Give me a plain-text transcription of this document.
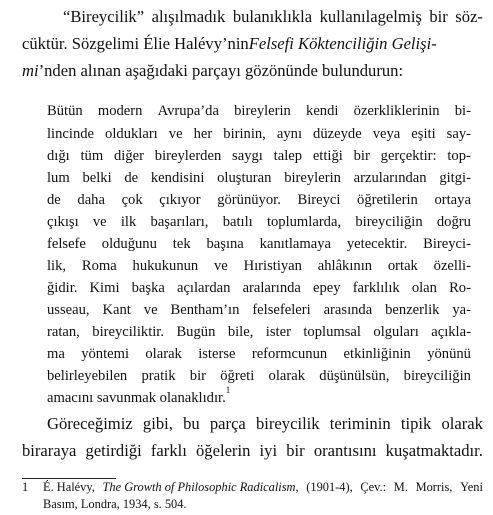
“Bireycilik” alışılmadık bulanıklıkla kullanılagelmiş bir söz-
cüktür. Sözgelimi Élie Halévy’nin Felsefi Köktenciliğin Gelişi-
mi ’nden alınan aşağıdaki parçayı gözönünde bulundurun:
Bütün modern Avrupa’da bireylerin kendi özerkliklerinin bi-
lincinde oldukları ve her birinin, aynı düzeyde veya eşiti say-
dığı tüm diğer bireylerden saygı talep ettiği bir gerçektir: top-
lum belki de kendisini oluşturan bireylerin arzularından gitgi-
de daha çok çıkıyor görünüyor. Bireyci öğretilerin ortaya
çıkışı ve ilk başarıları, batılı toplumlarda, bireyciliğin doğru
felsefe olduğunu tek başına kanıtlamaya yetecektir. Bireyci-
lik, Roma hukukunun ve Hıristiyan ahlâkının ortak özelli-
ğidir. Kimi başka açılardan aralarında epey farklılık olan Ro-
usseau, Kant ve Bentham’ın felsefeleri arasında benzerlik ya-
ratan, bireyciliktir. Bugün bile, ister toplumsal olguları açıkla-
ma yöntemi olarak isterse reformcunun etkinliğinin yönünü
belirleyebilen pratik bir öğreti olarak düşünülsün, bireyciliğin
amacını savunmak olanaklıdır. 1
Göreceğimiz gibi, bu parça bireycilik teriminin tipik olarak
biraraya getirdiği farklı öğelerin iyi bir orantısını kuşatmaktadır.
1 É. Halévy, The Growth of Philosophic Radicalism, (1901-4), Çev.: M. Morris, Yeni
Basım, Londra, 1934, s. 504.
